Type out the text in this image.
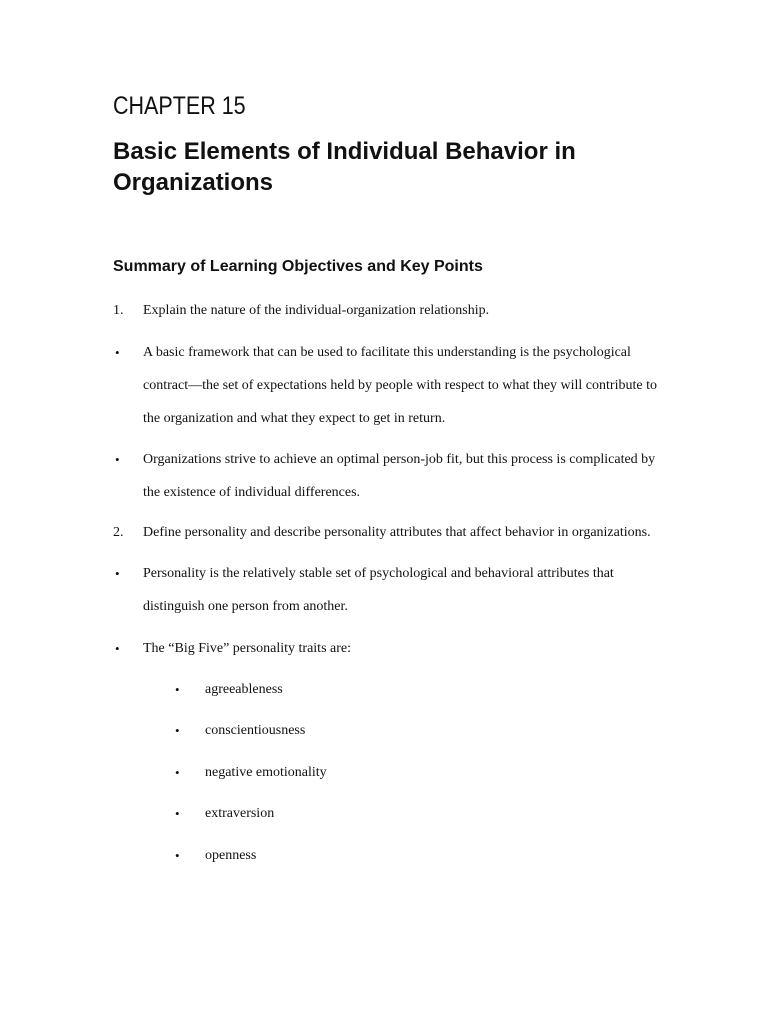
CHAPTER 15
Basic Elements of Individual Behavior in Organizations
Summary of Learning Objectives and Key Points
1. Explain the nature of the individual-organization relationship.
• A basic framework that can be used to facilitate this understanding is the psychological contract—the set of expectations held by people with respect to what they will contribute to the organization and what they expect to get in return.
• Organizations strive to achieve an optimal person-job fit, but this process is complicated by the existence of individual differences.
2. Define personality and describe personality attributes that affect behavior in organizations.
• Personality is the relatively stable set of psychological and behavioral attributes that distinguish one person from another.
• The “Big Five” personality traits are:
• agreeableness
• conscientiousness
• negative emotionality
• extraversion
• openness
